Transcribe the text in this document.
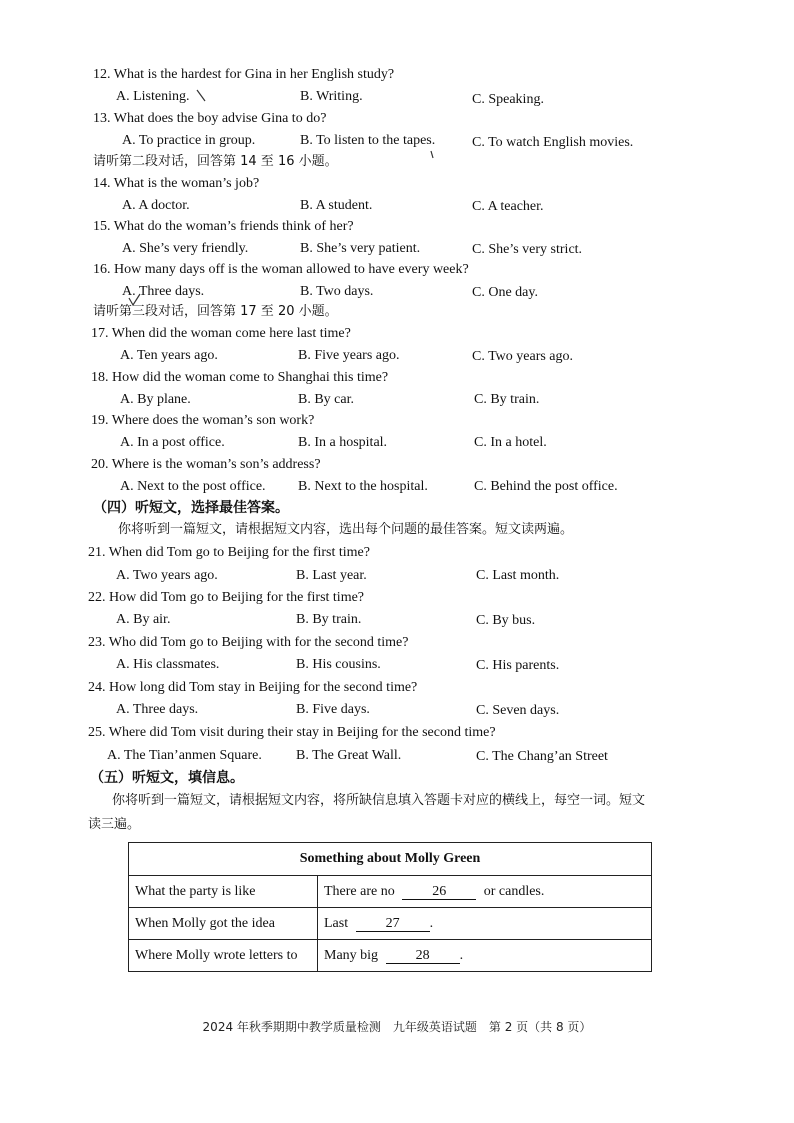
12. What is the hardest for Gina in her English study?
A. Listening.	B. Writing.	C. Speaking.
13. What does the boy advise Gina to do?
A. To practice in group.	B. To listen to the tapes.	C. To watch English movies.
请听第二段对话，回答第 14 至 16 小题。
14. What is the woman’s job?
A. A doctor.	B. A student.	C. A teacher.
15. What do the woman’s friends think of her?
A. She’s very friendly.	B. She’s very patient.	C. She’s very strict.
16. How many days off is the woman allowed to have every week?
A. Three days.	B. Two days.	C. One day.
请听第三段对话，回答第 17 至 20 小题。
17. When did the woman come here last time?
A. Ten years ago.	B. Five years ago.	C. Two years ago.
18. How did the woman come to Shanghai this time?
A. By plane.	B. By car.	C. By train.
19. Where does the woman’s son work?
A. In a post office.	B. In a hospital.	C. In a hotel.
20. Where is the woman’s son’s address?
A. Next to the post office. B. Next to the hospital.	C. Behind the post office.
（四）听短文，选择最佳答案。
你将听到一篇短文，请根据短文内容，选出每个问题的最佳答案。短文读两遍。
21. When did Tom go to Beijing for the first time?
A. Two years ago.	B. Last year.	C. Last month.
22. How did Tom go to Beijing for the first time?
A. By air.	B. By train.	C. By bus.
23. Who did Tom go to Beijing with for the second time?
A. His classmates.	B. His cousins.	C. His parents.
24. How long did Tom stay in Beijing for the second time?
A. Three days.	B. Five days.	C. Seven days.
25. Where did Tom visit during their stay in Beijing for the second time?
A. The Tian’anmen Square. B. The Great Wall.	C. The Chang’an Street
（五）听短文，填信息。
你将听到一篇短文，请根据短文内容，将所缺信息填入答题卡对应的横线上，每空一词。短文
读三遍。
Something about Molly Green	
What the party is like	There are no 26 or candles.
When Molly got the idea	Last 27 .
Where Molly wrote letters to	Many big 28 .
2024 年秋季期期中教学质量检测　九年级英语试题　第 2 页（共 8 页）
